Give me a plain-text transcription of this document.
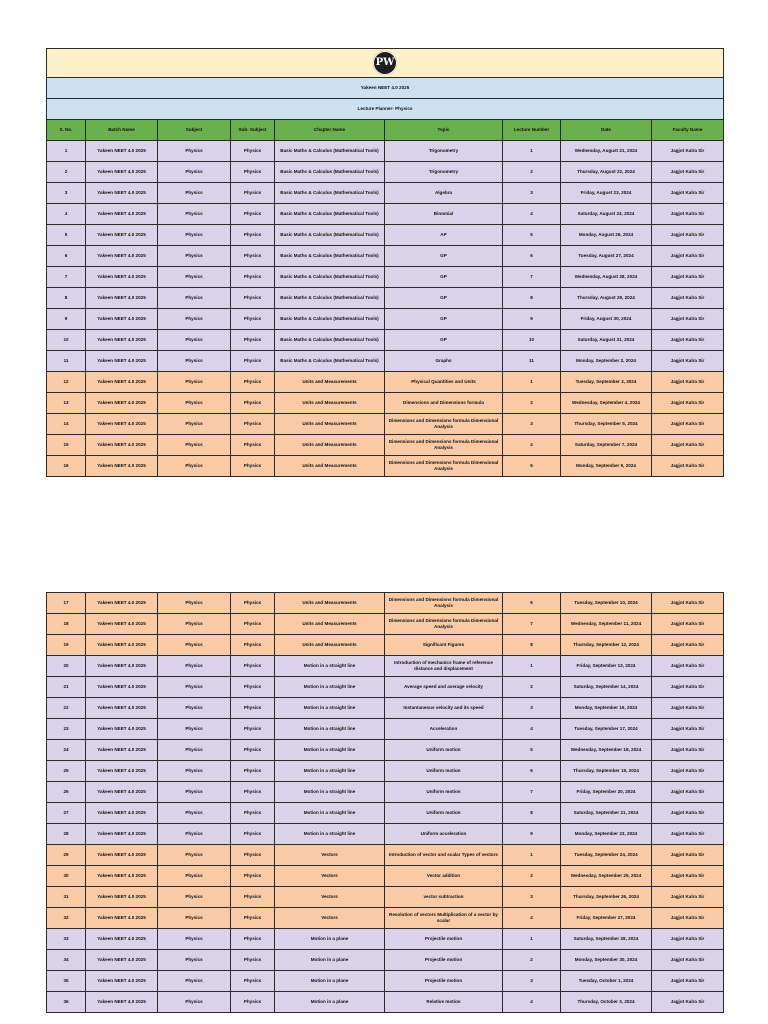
PW								
Yakeen NEET 4.0 2025								
Lecture Planner- Physics								
S. No.	Batch Name	Subject	Sub- Subject	Chapter Name	Topic	Lecture Number	Date	Faculty Name
1	Yakeen NEET 4.0 2025	Physics	Physics	Basic Maths & Calculus (Mathematical Tools)	Trigonometry	1	Wednesday, August 21, 2024	Jagjot Kalra Sir
2	Yakeen NEET 4.0 2025	Physics	Physics	Basic Maths & Calculus (Mathematical Tools)	Trigonometry	2	Thursday, August 22, 2024	Jagjot Kalra Sir
3	Yakeen NEET 4.0 2025	Physics	Physics	Basic Maths & Calculus (Mathematical Tools)	Algebra	3	Friday, August 23, 2024	Jagjot Kalra Sir
4	Yakeen NEET 4.0 2025	Physics	Physics	Basic Maths & Calculus (Mathematical Tools)	Binomial	4	Saturday, August 24, 2024	Jagjot Kalra Sir
5	Yakeen NEET 4.0 2025	Physics	Physics	Basic Maths & Calculus (Mathematical Tools)	AP	5	Monday, August 26, 2024	Jagjot Kalra Sir
6	Yakeen NEET 4.0 2025	Physics	Physics	Basic Maths & Calculus (Mathematical Tools)	GP	6	Tuesday, August 27, 2024	Jagjot Kalra Sir
7	Yakeen NEET 4.0 2025	Physics	Physics	Basic Maths & Calculus (Mathematical Tools)	GP	7	Wednesday, August 28, 2024	Jagjot Kalra Sir
8	Yakeen NEET 4.0 2025	Physics	Physics	Basic Maths & Calculus (Mathematical Tools)	GP	8	Thursday, August 29, 2024	Jagjot Kalra Sir
9	Yakeen NEET 4.0 2025	Physics	Physics	Basic Maths & Calculus (Mathematical Tools)	GP	9	Friday, August 30, 2024	Jagjot Kalra Sir
10	Yakeen NEET 4.0 2025	Physics	Physics	Basic Maths & Calculus (Mathematical Tools)	GP	10	Saturday, August 31, 2024	Jagjot Kalra Sir
11	Yakeen NEET 4.0 2025	Physics	Physics	Basic Maths & Calculus (Mathematical Tools)	Graphs	11	Monday, September 2, 2024	Jagjot Kalra Sir
12	Yakeen NEET 4.0 2025	Physics	Physics	Units and Measurements	Physical Quantities and Units	1	Tuesday, September 3, 2024	Jagjot Kalra Sir
13	Yakeen NEET 4.0 2025	Physics	Physics	Units and Measurements	Dimensions and Dimensions formula	2	Wednesday, September 4, 2024	Jagjot Kalra Sir
14	Yakeen NEET 4.0 2025	Physics	Physics	Units and Measurements	Dimensions and Dimensions formula Dimensional Analysis	3	Thursday, September 5, 2024	Jagjot Kalra Sir
15	Yakeen NEET 4.0 2025	Physics	Physics	Units and Measurements	Dimensions and Dimensions formula Dimensional Analysis	4	Saturday, September 7, 2024	Jagjot Kalra Sir
16	Yakeen NEET 4.0 2025	Physics	Physics	Units and Measurements	Dimensions and Dimensions formula Dimensional Analysis	5	Monday, September 9, 2024	Jagjot Kalra Sir
17	Yakeen NEET 4.0 2025	Physics	Physics	Units and Measurements	Dimensions and Dimensions formula Dimensional Analysis	6	Tuesday, September 10, 2024	Jagjot Kalra Sir
18	Yakeen NEET 4.0 2025	Physics	Physics	Units and Measurements	Dimensions and Dimensions formula Dimensional Analysis	7	Wednesday, September 11, 2024	Jagjot Kalra Sir
19	Yakeen NEET 4.0 2025	Physics	Physics	Units and Measurements	Significant Figures	8	Thursday, September 12, 2024	Jagjot Kalra Sir
20	Yakeen NEET 4.0 2025	Physics	Physics	Motion in a straight line	Introduction of mechanics frame of reference distance and displacement	1	Friday, September 13, 2024	Jagjot Kalra Sir
21	Yakeen NEET 4.0 2025	Physics	Physics	Motion in a straight line	Average speed and average velocity	2	Saturday, September 14, 2024	Jagjot Kalra Sir
22	Yakeen NEET 4.0 2025	Physics	Physics	Motion in a straight line	Instantaneous velocity and its speed	3	Monday, September 16, 2024	Jagjot Kalra Sir
23	Yakeen NEET 4.0 2025	Physics	Physics	Motion in a straight line	Acceleration	4	Tuesday, September 17, 2024	Jagjot Kalra Sir
24	Yakeen NEET 4.0 2025	Physics	Physics	Motion in a straight line	Uniform motion	5	Wednesday, September 18, 2024	Jagjot Kalra Sir
25	Yakeen NEET 4.0 2025	Physics	Physics	Motion in a straight line	Uniform motion	6	Thursday, September 19, 2024	Jagjot Kalra Sir
26	Yakeen NEET 4.0 2025	Physics	Physics	Motion in a straight line	Uniform motion	7	Friday, September 20, 2024	Jagjot Kalra Sir
27	Yakeen NEET 4.0 2025	Physics	Physics	Motion in a straight line	Uniform motion	8	Saturday, September 21, 2024	Jagjot Kalra Sir
28	Yakeen NEET 4.0 2025	Physics	Physics	Motion in a straight line	Uniform acceleration	9	Monday, September 23, 2024	Jagjot Kalra Sir
29	Yakeen NEET 4.0 2025	Physics	Physics	Vectors	Introduction of vector and scalar Types of vectors	1	Tuesday, September 24, 2024	Jagjot Kalra Sir
30	Yakeen NEET 4.0 2025	Physics	Physics	Vectors	Vector addition	2	Wednesday, September 25, 2024	Jagjot Kalra Sir
31	Yakeen NEET 4.0 2025	Physics	Physics	Vectors	vector subtraction	3	Thursday, September 26, 2024	Jagjot Kalra Sir
32	Yakeen NEET 4.0 2025	Physics	Physics	Vectors	Resolution of vectors Multiplication of a vector by scalar	4	Friday, September 27, 2024	Jagjot Kalra Sir
33	Yakeen NEET 4.0 2025	Physics	Physics	Motion in a plane	Projectile motion	1	Saturday, September 28, 2024	Jagjot Kalra Sir
34	Yakeen NEET 4.0 2025	Physics	Physics	Motion in a plane	Projectile motion	2	Monday, September 30, 2024	Jagjot Kalra Sir
35	Yakeen NEET 4.0 2025	Physics	Physics	Motion in a plane	Projectile motion	3	Tuesday, October 1, 2024	Jagjot Kalra Sir
36	Yakeen NEET 4.0 2025	Physics	Physics	Motion in a plane	Relative motion	4	Thursday, October 3, 2024	Jagjot Kalra Sir
